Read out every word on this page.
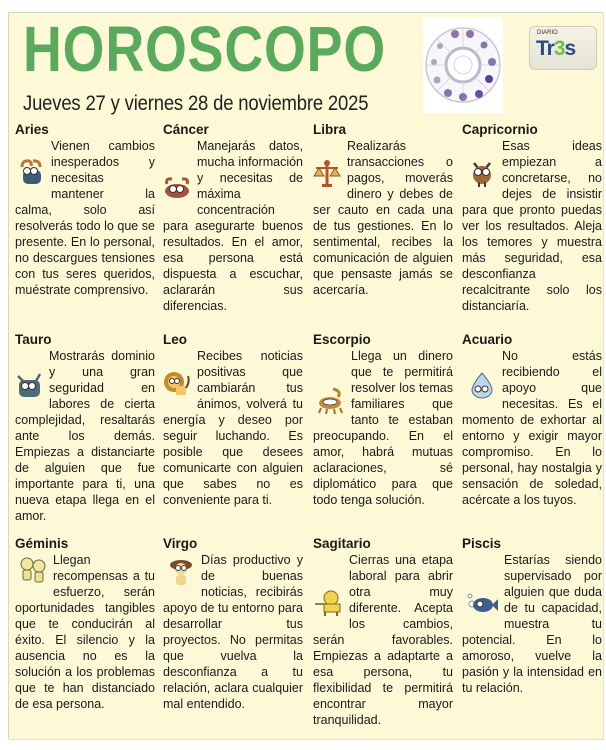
HOROSCOPO
Jueves 27 y viernes 28 de noviembre 2025
DIARIO
Tr3s
Aries

Vienen cambios inesperados y necesitas mantener la calma, solo así resolverás todo lo que se presente. En lo personal, no descargues tensiones con tus seres queridos, muéstrate comprensivo.

Cáncer

Manejarás datos, mucha información y necesitas de máxima concentración para asegurarte buenos resultados. En el amor, esa persona está dispuesta a escuchar, aclararán sus diferencias.

Libra

Realizarás transacciones o pagos, moverás dinero y debes de ser cauto en cada una de tus gestiones. En lo sentimental, recibes la comunicación de alguien que pensaste jamás se acercaría.

Capricornio

Esas ideas empiezan a concretarse, no dejes de insistir para que pronto puedas ver los resultados. Aleja los temores y muestra más seguridad, esa desconfianza recalcitrante solo los distanciaría.

Tauro

Mostrarás dominio y una gran seguridad en labores de cierta complejidad, resaltarás ante los demás. Empiezas a distanciarte de alguien que fue importante para ti, una nueva etapa llega en el amor.

Leo

Recibes noticias positivas que cambiarán tus ánimos, volverá tu energía y deseo por seguir luchando. Es posible que desees comunicarte con alguien que sabes no es conveniente para ti.

Escorpio

Llega un dinero que te permitirá resolver los temas familiares que tanto te estaban preocupando. En el amor, habrá mutuas aclaraciones, sé diplomático para que todo tenga solución.

Acuario

No estás recibiendo el apoyo que necesitas. Es el momento de exhortar al entorno y exigir mayor compromiso. En lo personal, hay nostalgia y sensación de soledad, acércate a los tuyos.

Géminis

Llegan recompensas a tu esfuerzo, serán oportunidades tangibles que te conducirán al éxito. El silencio y la ausencia no es la solución a los problemas que te han distanciado de esa persona.

Virgo

Días productivo y de buenas noticias, recibirás apoyo de tu entorno para desarrollar tus proyectos. No permitas que vuelva la desconfianza a tu relación, aclara cualquier mal entendido.

Sagitario

Cierras una etapa laboral para abrir otra muy diferente. Acepta los cambios, serán favorables. Empiezas a adaptarte a esa persona, tu flexibilidad te permitirá encontrar mayor tranquilidad.

Piscis

Estarías siendo supervisado por alguien que duda de tu capacidad, muestra tu potencial. En lo amoroso, vuelve la pasión y la intensidad en tu relación.
